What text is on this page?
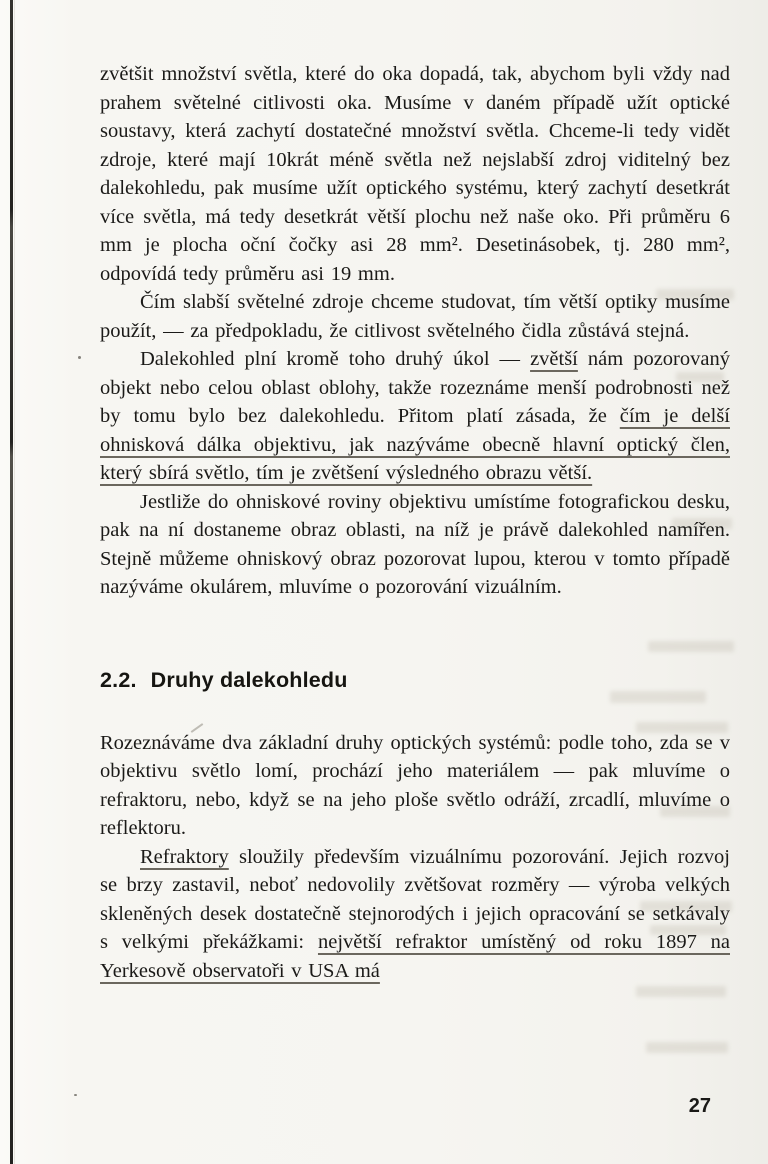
zvětšit množství světla, které do oka dopadá, tak, abychom byli vždy nad prahem světelné citlivosti oka. Musíme v daném případě užít optické soustavy, která zachytí dostatečné množství světla. Chceme-li tedy vidět zdroje, které mají 10krát méně světla než nejslabší zdroj viditelný bez dalekohledu, pak musíme užít optického systému, který zachytí desetkrát více světla, má tedy desetkrát větší plochu než naše oko. Při průměru 6 mm je plocha oční čočky asi 28 mm². Desetinásobek, tj. 280 mm², odpovídá tedy průměru asi 19 mm.

Čím slabší světelné zdroje chceme studovat, tím větší optiky musíme použít, — za předpokladu, že citlivost světelného čidla zůstává stejná.

Dalekohled plní kromě toho druhý úkol — zvětší nám pozorovaný objekt nebo celou oblast oblohy, takže rozeznáme menší podrobnosti než by tomu bylo bez dalekohledu. Přitom platí zásada, že čím je delší ohnisková dálka objektivu, jak nazýváme obecně hlavní optický člen, který sbírá světlo, tím je zvětšení výsledného obrazu větší.

Jestliže do ohniskové roviny objektivu umístíme fotografickou desku, pak na ní dostaneme obraz oblasti, na níž je právě dalekohled namířen. Stejně můžeme ohniskový obraz pozorovat lupou, kterou v tomto případě nazýváme okulárem, mluvíme o pozorování vizuálním.

2.2. Druhy dalekohledu

Rozeznáváme dva základní druhy optických systémů: podle toho, zda se v objektivu světlo lomí, prochází jeho materiálem — pak mluvíme o refraktoru, nebo, když se na jeho ploše světlo odráží, zrcadlí, mluvíme o reflektoru.

Refraktory sloužily především vizuálnímu pozorování. Jejich rozvoj se brzy zastavil, neboť nedovolily zvětšovat rozměry — výroba velkých skleněných desek dostatečně stejnorodých i jejich opracování se setkávaly s velkými překážkami: největší refraktor umístěný od roku 1897 na Yerkesově observatoři v USA má

27
